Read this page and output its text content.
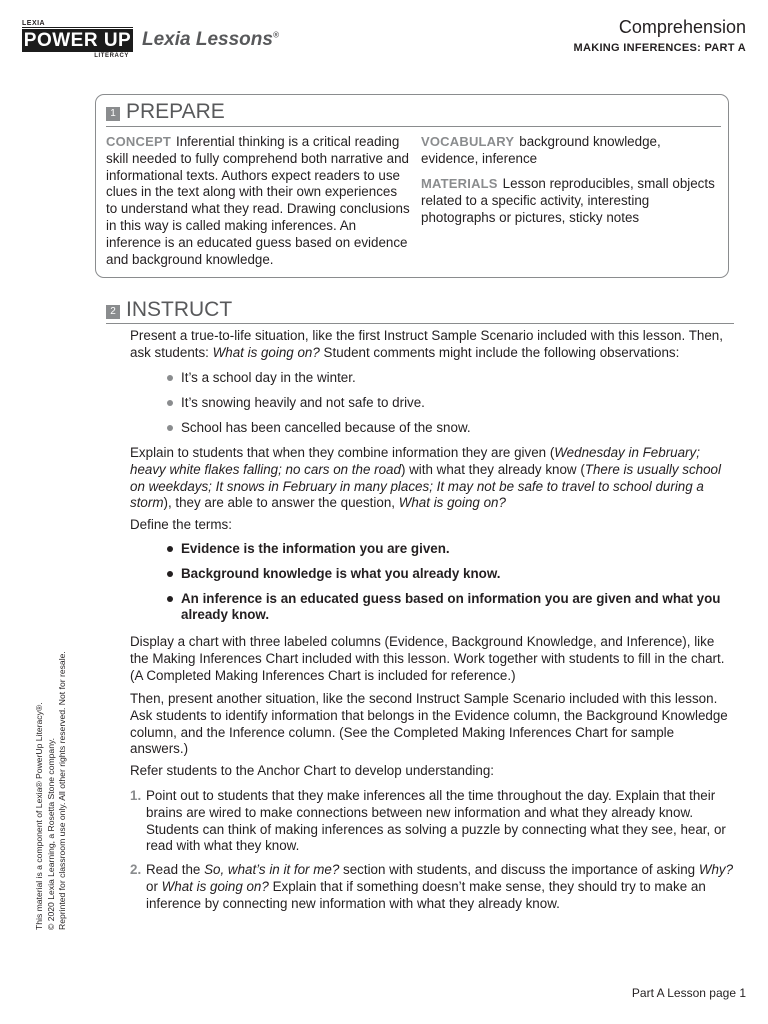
LEXIA
POWER UP
LITERACY
Lexia Lessons®	Comprehension
MAKING INFERENCES: PART A
1 PREPARE
CONCEPT Inferential thinking is a critical reading skill needed to fully comprehend both narrative and informational texts. Authors expect readers to use clues in the text along with their own experiences to understand what they read. Drawing conclusions in this way is called making inferences. An inference is an educated guess based on evidence and background knowledge.
VOCABULARY background knowledge, evidence, inference
MATERIALS Lesson reproducibles, small objects related to a specific activity, interesting photographs or pictures, sticky notes
2 INSTRUCT
Present a true-to-life situation, like the first Instruct Sample Scenario included with this lesson. Then, ask students: What is going on? Student comments might include the following observations:
It’s a school day in the winter.
It’s snowing heavily and not safe to drive.
School has been cancelled because of the snow.
Explain to students that when they combine information they are given (Wednesday in February; heavy white flakes falling; no cars on the road) with what they already know (There is usually school on weekdays; It snows in February in many places; It may not be safe to travel to school during a storm), they are able to answer the question, What is going on?
Define the terms:
Evidence is the information you are given.
Background knowledge is what you already know.
An inference is an educated guess based on information you are given and what you already know.
Display a chart with three labeled columns (Evidence, Background Knowledge, and Inference), like the Making Inferences Chart included with this lesson. Work together with students to fill in the chart. (A Completed Making Inferences Chart is included for reference.)
Then, present another situation, like the second Instruct Sample Scenario included with this lesson. Ask students to identify information that belongs in the Evidence column, the Background Knowledge column, and the Inference column. (See the Completed Making Inferences Chart for sample answers.)
Refer students to the Anchor Chart to develop understanding:
1. Point out to students that they make inferences all the time throughout the day. Explain that their brains are wired to make connections between new information and what they already know. Students can think of making inferences as solving a puzzle by connecting what they see, hear, or read with what they know.
2. Read the So, what’s in it for me? section with students, and discuss the importance of asking Why? or What is going on? Explain that if something doesn’t make sense, they should try to make an inference by connecting new information with what they already know.
This material is a component of Lexia® PowerUp Literacy®. © 2020 Lexia Learning, a Rosetta Stone company. Reprinted for classroom use only. All other rights reserved. Not for resale.
Part A Lesson page 1
